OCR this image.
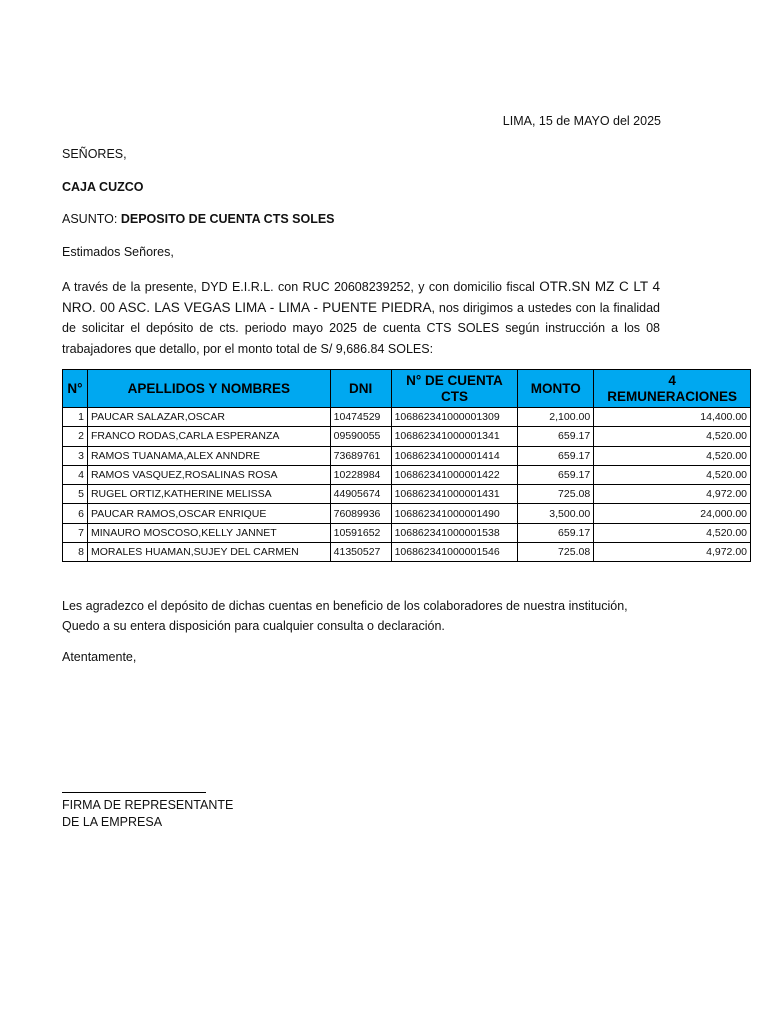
LIMA, 15 de MAYO del 2025
SEÑORES,
CAJA CUZCO
ASUNTO: DEPOSITO DE CUENTA CTS SOLES
Estimados Señores,
A través de la presente, DYD E.I.R.L. con RUC 20608239252, y con domicilio fiscal OTR.SN MZ C LT 4 NRO. 00 ASC. LAS VEGAS LIMA - LIMA - PUENTE PIEDRA, nos dirigimos a ustedes con la finalidad de solicitar el depósito de cts. periodo mayo 2025 de cuenta CTS SOLES según instrucción a los 08 trabajadores que detallo, por el monto total de S/ 9,686.84 SOLES:
N°	APELLIDOS Y NOMBRES	DNI	N° DE CUENTA CTS	MONTO	4
REMUNERACIONES
1	PAUCAR SALAZAR,OSCAR	10474529	106862341000001309	2,100.00	14,400.00
2	FRANCO RODAS,CARLA ESPERANZA	09590055	106862341000001341	659.17	4,520.00
3	RAMOS TUANAMA,ALEX ANNDRE	73689761	106862341000001414	659.17	4,520.00
4	RAMOS VASQUEZ,ROSALINAS ROSA	10228984	106862341000001422	659.17	4,520.00
5	RUGEL ORTIZ,KATHERINE MELISSA	44905674	106862341000001431	725.08	4,972.00
6	PAUCAR RAMOS,OSCAR ENRIQUE	76089936	106862341000001490	3,500.00	24,000.00
7	MINAURO MOSCOSO,KELLY JANNET	10591652	106862341000001538	659.17	4,520.00
8	MORALES HUAMAN,SUJEY DEL CARMEN	41350527	106862341000001546	725.08	4,972.00
Les agradezco el depósito de dichas cuentas en beneficio de los colaboradores de nuestra institución,
Quedo a su entera disposición para cualquier consulta o declaración.
Atentamente,
FIRMA DE REPRESENTANTE
DE LA EMPRESA
